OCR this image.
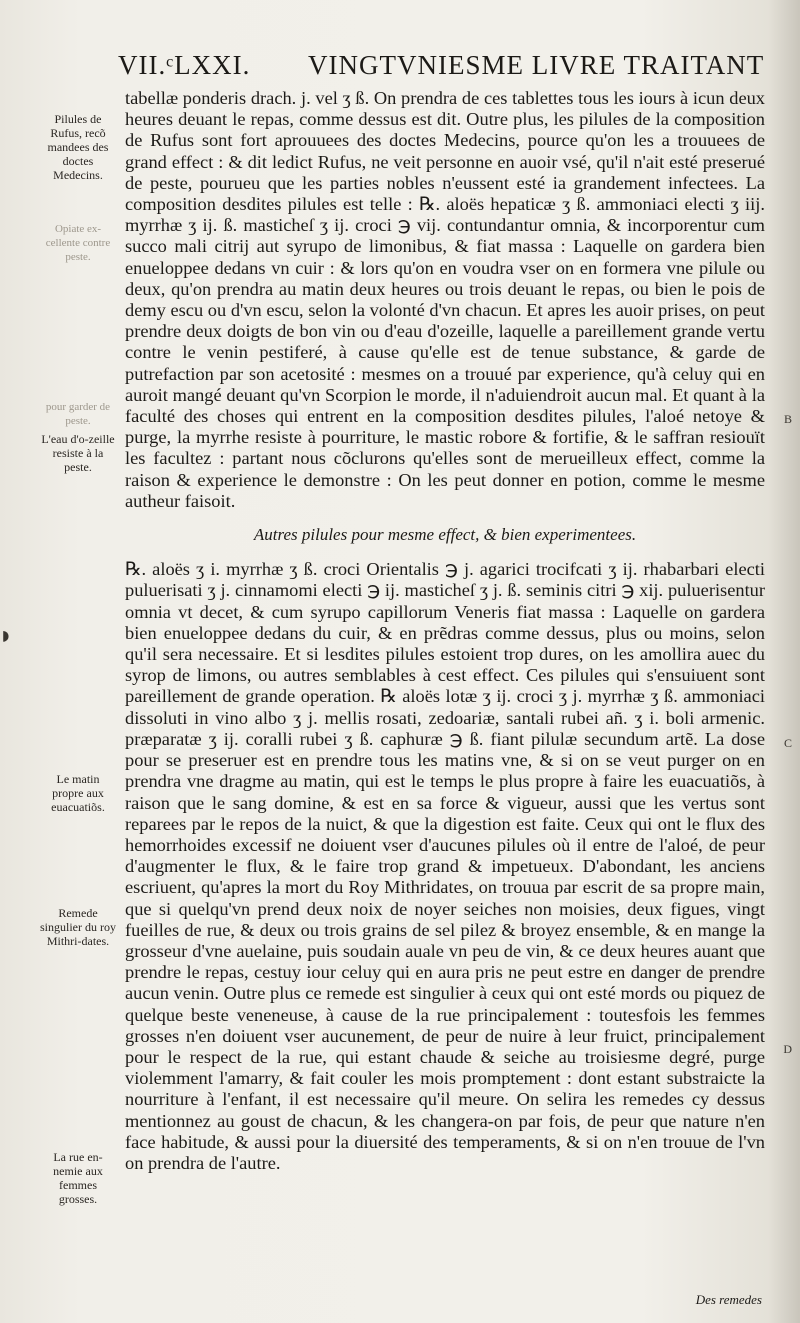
VII.ᶜLXXI. VINGTVNIESME LIVRE TRAITANT
Pilules de Rufus, recõ mandees des doctes Medecins.
Opiate ex-cellente contre peste.
pour garder de peste.
L'eau d'o-zeille resiste à la peste.
Le matin propre aux euacuatiõs.
Remede singulier du roy Mithri-dates.
La rue en-nemie aux femmes grosses.
◗

tabellæ ponderis drach. j. vel ʒ ß. On prendra de ces tablettes tous les iours à icun deux heures deuant le repas, comme dessus est dit. Outre plus, les pilules de la composition de Rufus sont fort aprouuees des doctes Medecins, pource qu'on les a trouuees de grand effect : & dit ledict Rufus, ne veit personne en auoir vsé, qu'il n'ait esté preserué de peste, pourueu que les parties nobles n'eussent esté ia grandement infectees. La composition desdites pilules est telle : ℞. aloës hepaticæ ʒ ß. ammoniaci electi ʒ iij. myrrhæ ʒ ij. ß. masticheſ ʒ ij. croci ℈ vij. contundantur omnia, & incorporentur cum succo mali citrij aut syrupo de limonibus, & fiat massa : Laquelle on gardera bien enueloppee dedans vn cuir : & lors qu'on en voudra vser on en formera vne pilule ou deux, qu'on prendra au matin deux heures ou trois deuant le repas, ou bien le pois de demy escu ou d'vn escu, selon la volonté d'vn chacun. Et apres les auoir prises, on peut prendre deux doigts de bon vin ou d'eau d'ozeille, laquelle a pareillement grande vertu contre le venin pestiferé, à cause qu'elle est de tenue substance, & garde de putrefaction par son acetosité : mesmes on a trouué par experience, qu'à celuy qui en auroit mangé deuant qu'vn Scorpion le morde, il n'aduiendroit aucun mal. Et quant à la faculté des choses qui entrent en la composition desdites pilules, l'aloé netoye & purge, la myrrhe resiste à pourriture, le mastic robore & fortifie, & le saffran resiouït les facultez : partant nous cõclurons qu'elles sont de merueilleux effect, comme la raison & experience le demonstre : On les peut donner en potion, comme le mesme autheur faisoit.

Autres pilules pour mesme effect, & bien experimentees.

℞. aloës ʒ i. myrrhæ ʒ ß. croci Orientalis ℈ j. agarici trocifcati ʒ ij. rhabarbari electi puluerisati ʒ j. cinnamomi electi ℈ ij. masticheſ ʒ j. ß. seminis citri ℈ xij. puluerisentur omnia vt decet, & cum syrupo capillorum Veneris fiat massa : Laquelle on gardera bien enueloppee dedans du cuir, & en prẽdras comme dessus, plus ou moins, selon qu'il sera necessaire. Et si lesdites pilules estoient trop dures, on les amollira auec du syrop de limons, ou autres semblables à cest effect. Ces pilules qui s'ensuiuent sont pareillement de grande operation. ℞ aloës lotæ ʒ ij. croci ʒ j. myrrhæ ʒ ß. ammoniaci dissoluti in vino albo ʒ j. mellis rosati, zedoariæ, santali rubei añ. ʒ i. boli armenic. præparatæ ʒ ij. coralli rubei ʒ ß. caphuræ ℈ ß. fiant pilulæ secundum artẽ. La dose pour se preseruer est en prendre tous les matins vne, & si on se veut purger on en prendra vne dragme au matin, qui est le temps le plus propre à faire les euacuatiõs, à raison que le sang domine, & est en sa force & vigueur, aussi que les vertus sont reparees par le repos de la nuict, & que la digestion est faite. Ceux qui ont le flux des hemorrhoides excessif ne doiuent vser d'aucunes pilules où il entre de l'aloé, de peur d'augmenter le flux, & le faire trop grand & impetueux. D'abondant, les anciens escriuent, qu'apres la mort du Roy Mithridates, on trouua par escrit de sa propre main, que si quelqu'vn prend deux noix de noyer seiches non moisies, deux figues, vingt fueilles de rue, & deux ou trois grains de sel pilez & broyez ensemble, & en mange la grosseur d'vne auelaine, puis soudain auale vn peu de vin, & ce deux heures auant que prendre le repas, cestuy iour celuy qui en aura pris ne peut estre en danger de prendre aucun venin. Outre plus ce remede est singulier à ceux qui ont esté mords ou piquez de quelque beste veneneuse, à cause de la rue principalement : toutesfois les femmes grosses n'en doiuent vser aucunement, de peur de nuire à leur fruict, principalement pour le respect de la rue, qui estant chaude & seiche au troisiesme degré, purge violemment l'amarry, & fait couler les mois promptement : dont estant substraicte la nourriture à l'enfant, il est necessaire qu'il meure. On selira les remedes cy dessus mentionnez au goust de chacun, & les changera-on par fois, de peur que nature n'en face habitude, & aussi pour la diuersité des temperaments, & si on n'en trouue de l'vn on prendra de l'autre.

B
C
D
Des remedes
